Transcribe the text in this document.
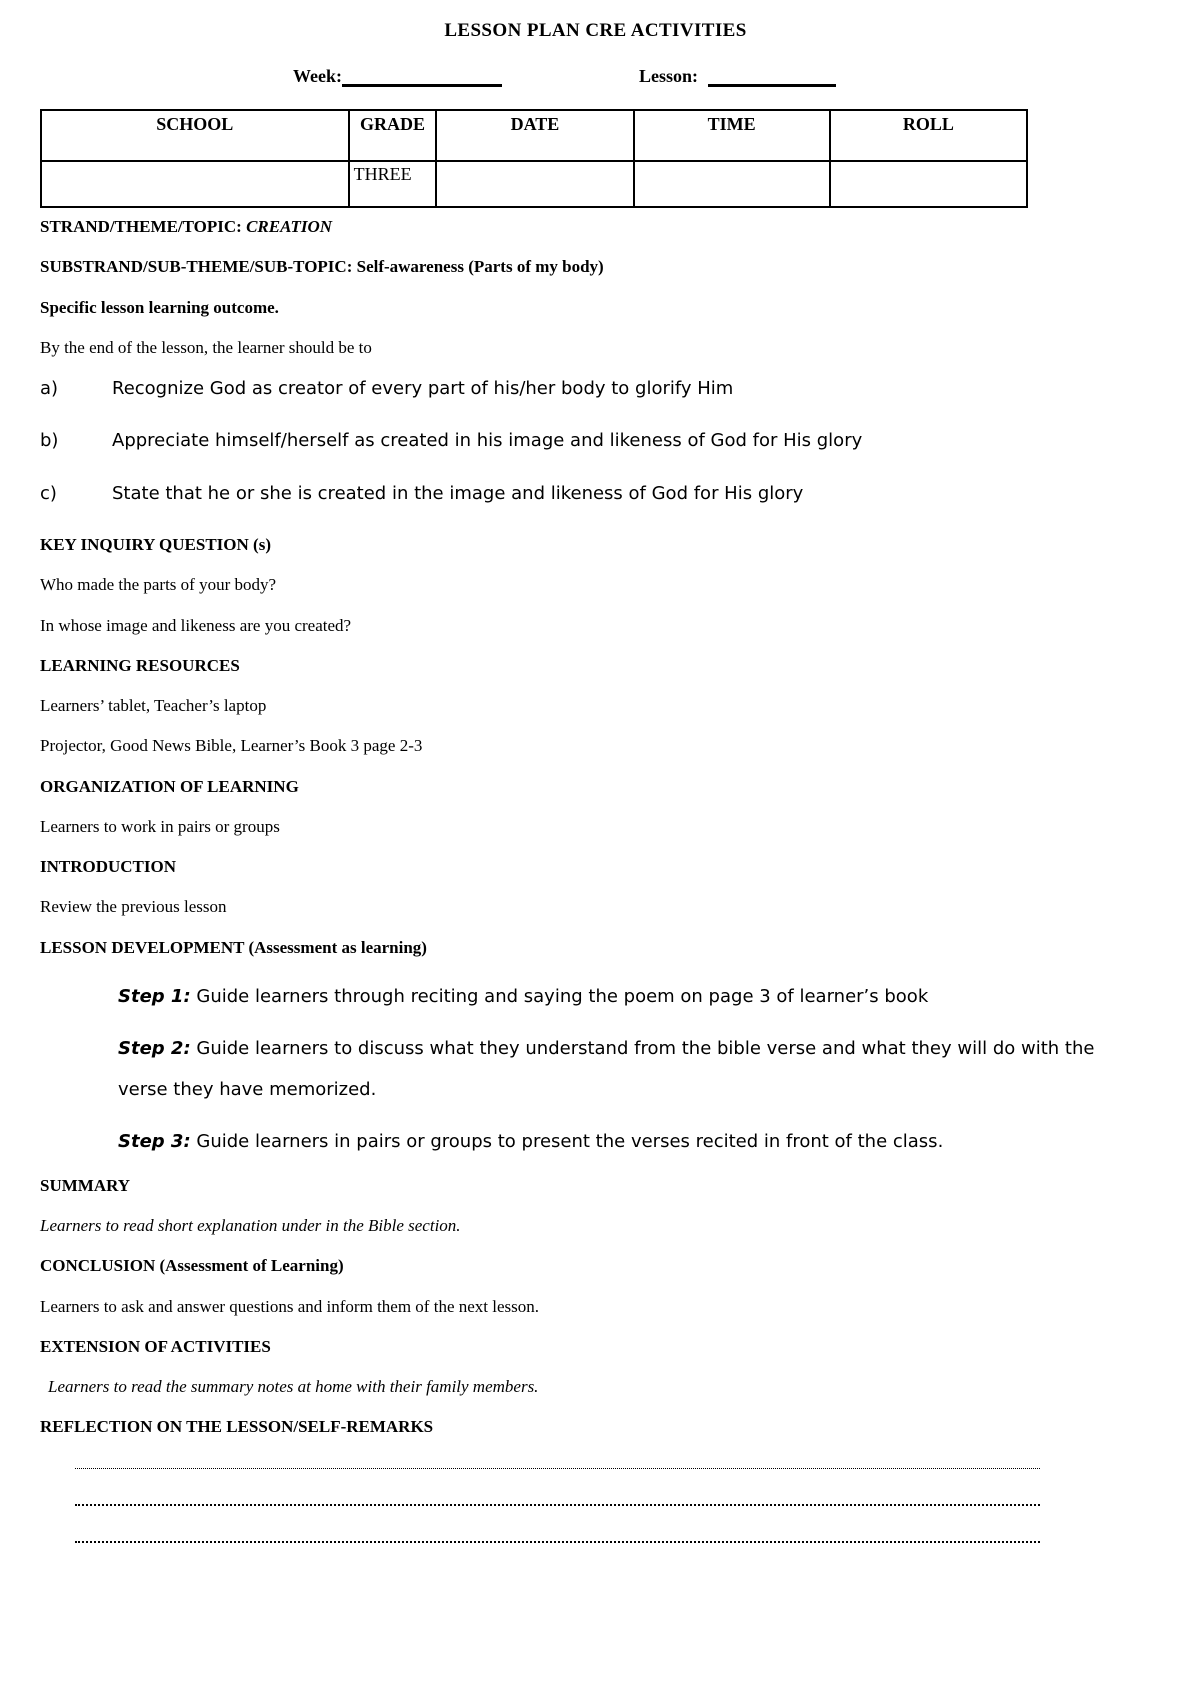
LESSON PLAN CRE ACTIVITIES
Week:	Lesson:
SCHOOL	GRADE	DATE	TIME	ROLL
	THREE			

STRAND/THEME/TOPIC: CREATION

SUBSTRAND/SUB-THEME/SUB-TOPIC: Self-awareness (Parts of my body)

Specific lesson learning outcome.

By the end of the lesson, the learner should be to

a)	Recognize God as creator of every part of his/her body to glorify Him
b)	Appreciate himself/herself as created in his image and likeness of God for His glory
c)	State that he or she is created in the image and likeness of God for His glory

KEY INQUIRY QUESTION (s)

Who made the parts of your body?

In whose image and likeness are you created?

LEARNING RESOURCES

Learners’ tablet, Teacher’s laptop

Projector, Good News Bible, Learner’s Book 3 page 2-3

ORGANIZATION OF LEARNING

Learners to work in pairs or groups

INTRODUCTION

Review the previous lesson

LESSON DEVELOPMENT (Assessment as learning)

Step 1: Guide learners through reciting and saying the poem on page 3 of learner’s book

Step 2: Guide learners to discuss what they understand from the bible verse and what they will do with the verse they have memorized.

Step 3: Guide learners in pairs or groups to present the verses recited in front of the class.

SUMMARY

Learners to read short explanation under in the Bible section.

CONCLUSION (Assessment of Learning)

Learners to ask and answer questions and inform them of the next lesson.

EXTENSION OF ACTIVITIES

Learners to read the summary notes at home with their family members.

REFLECTION ON THE LESSON/SELF-REMARKS
